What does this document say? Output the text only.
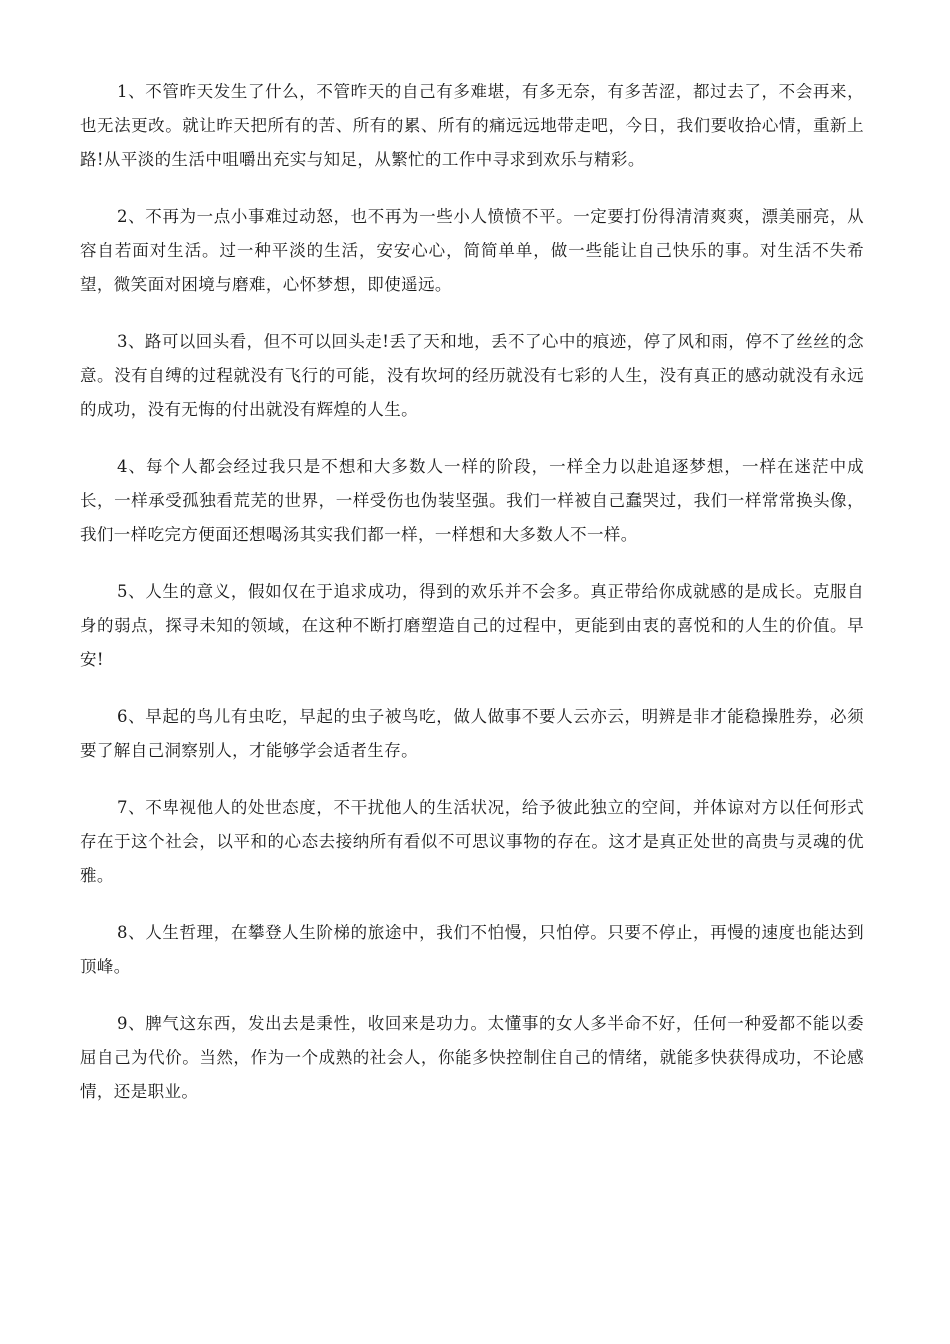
1、不管昨天发生了什么，不管昨天的自己有多难堪，有多无奈，有多苦涩，都过去了，不会再来，也无法更改。就让昨天把所有的苦、所有的累、所有的痛远远地带走吧，今日，我们要收拾心情，重新上路!从平淡的生活中咀嚼出充实与知足，从繁忙的工作中寻求到欢乐与精彩。

2、不再为一点小事难过动怒，也不再为一些小人愤愤不平。一定要打份得清清爽爽，漂美丽亮，从容自若面对生活。过一种平淡的生活，安安心心，简简单单，做一些能让自己快乐的事。对生活不失希望，微笑面对困境与磨难，心怀梦想，即使遥远。

3、路可以回头看，但不可以回头走!丢了天和地，丢不了心中的痕迹，停了风和雨，停不了丝丝的念意。没有自缚的过程就没有飞行的可能，没有坎坷的经历就没有七彩的人生，没有真正的感动就没有永远的成功，没有无悔的付出就没有辉煌的人生。

4、每个人都会经过我只是不想和大多数人一样的阶段，一样全力以赴追逐梦想，一样在迷茫中成长，一样承受孤独看荒芜的世界，一样受伤也伪装坚强。我们一样被自己蠢哭过，我们一样常常换头像，我们一样吃完方便面还想喝汤其实我们都一样，一样想和大多数人不一样。

5、人生的意义，假如仅在于追求成功，得到的欢乐并不会多。真正带给你成就感的是成长。克服自身的弱点，探寻未知的领域，在这种不断打磨塑造自己的过程中，更能到由衷的喜悦和的人生的价值。早安!

6、早起的鸟儿有虫吃，早起的虫子被鸟吃，做人做事不要人云亦云，明辨是非才能稳操胜券，必须要了解自己洞察别人，才能够学会适者生存。

7、不卑视他人的处世态度，不干扰他人的生活状况，给予彼此独立的空间，并体谅对方以任何形式存在于这个社会，以平和的心态去接纳所有看似不可思议事物的存在。这才是真正处世的高贵与灵魂的优雅。

8、人生哲理，在攀登人生阶梯的旅途中，我们不怕慢，只怕停。只要不停止，再慢的速度也能达到顶峰。

9、脾气这东西，发出去是秉性，收回来是功力。太懂事的女人多半命不好，任何一种爱都不能以委屈自己为代价。当然，作为一个成熟的社会人，你能多快控制住自己的情绪，就能多快获得成功，不论感情，还是职业。
